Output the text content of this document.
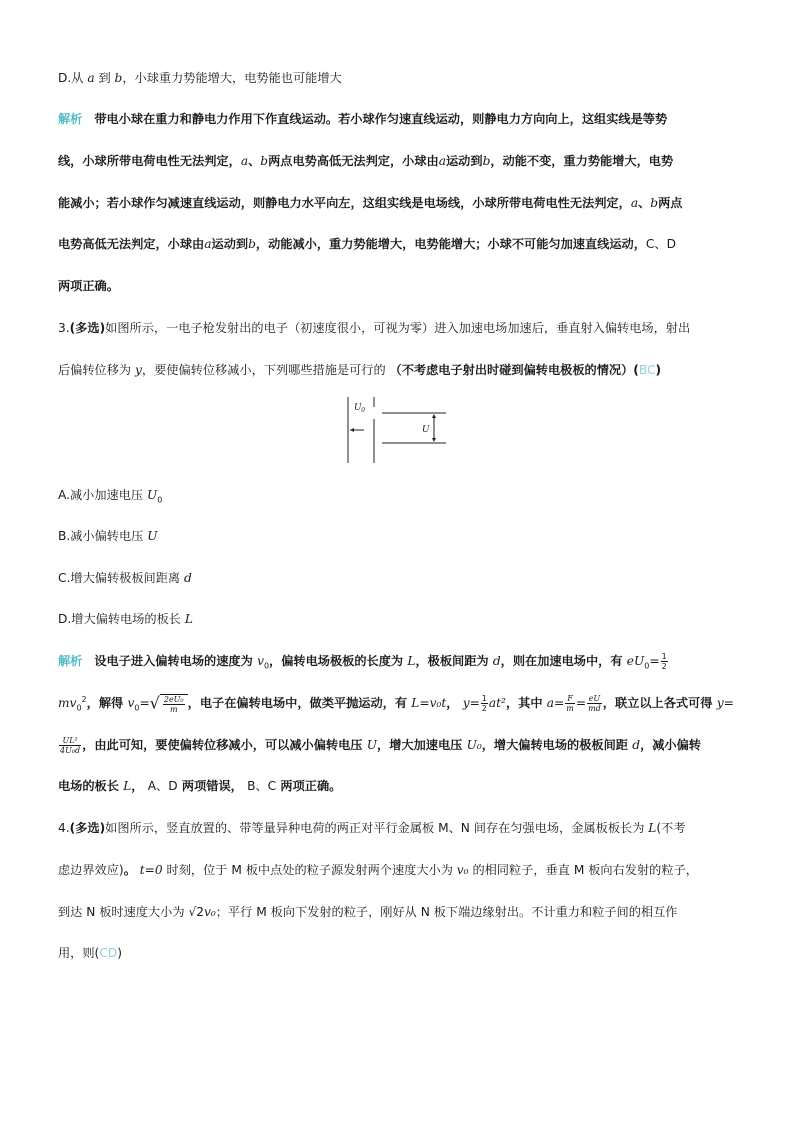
D.从 a 到 b，小球重力势能增大，电势能也可能增大
解析 带电小球在重力和静电力作用下作直线运动。若小球作匀速直线运动，则静电力方向向上，这组实线是等势
线，小球所带电荷电性无法判定，a、b两点电势高低无法判定，小球由a运动到b，动能不变，重力势能增大，电势
能减小；若小球作匀减速直线运动，则静电力水平向左，这组实线是电场线，小球所带电荷电性无法判定，a、b两点
电势高低无法判定，小球由a运动到b，动能减小，重力势能增大，电势能增大；小球不可能匀加速直线运动，C、D
两项正确。
3.(多选)如图所示，一电子枪发射出的电子（初速度很小，可视为零）进入加速电场加速后，垂直射入偏转电场，射出
后偏转位移为 y，要使偏转位移减小，下列哪些措施是可行的 （不考虑电子射出时碰到偏转电极板的情况）(BC)
$U_0$
U
A.减小加速电压 $U_0$
B.减小偏转电压 U
C.增大偏转极板间距离 d
D.增大偏转电场的板长 L
解析 设电子进入偏转电场的速度为 $v_0$，偏转电场极板的长度为 L，极板间距为 d，则在加速电场中，有 $eU_0= \frac{1}{2}$
$mv_0^2$，解得 $v_0=√ \frac{\text{2eU₀}}{m}$ ，电子在偏转电场中，做类平抛运动，有 L=v₀t， $y= \frac{1}{2} at^2$，其中 $a= \frac{F}{m} = \frac{eU}{md}$ ，联立以上各式可得 y=
$\frac{\text{UL²}}{\text{4U₀d}}$ ，由此可知，要使偏转位移减小，可以减小偏转电压 U，增大加速电压 U₀，增大偏转电场的极板间距 d，减小偏转
电场的板长 L， A、D 两项错误， B、C 两项正确。
4.(多选)如图所示，竖直放置的、带等量异种电荷的两正对平行金属板 M、N 间存在匀强电场，金属板板长为 L(不考
虑边界效应)。 t=0 时刻，位于 M 板中点处的粒子源发射两个速度大小为 v₀ 的相同粒子，垂直 M 板向右发射的粒子，
到达 N 板时速度大小为 √2v₀；平行 M 板向下发射的粒子，刚好从 N 板下端边缘射出。不计重力和粒子间的相互作
用，则(CD)
